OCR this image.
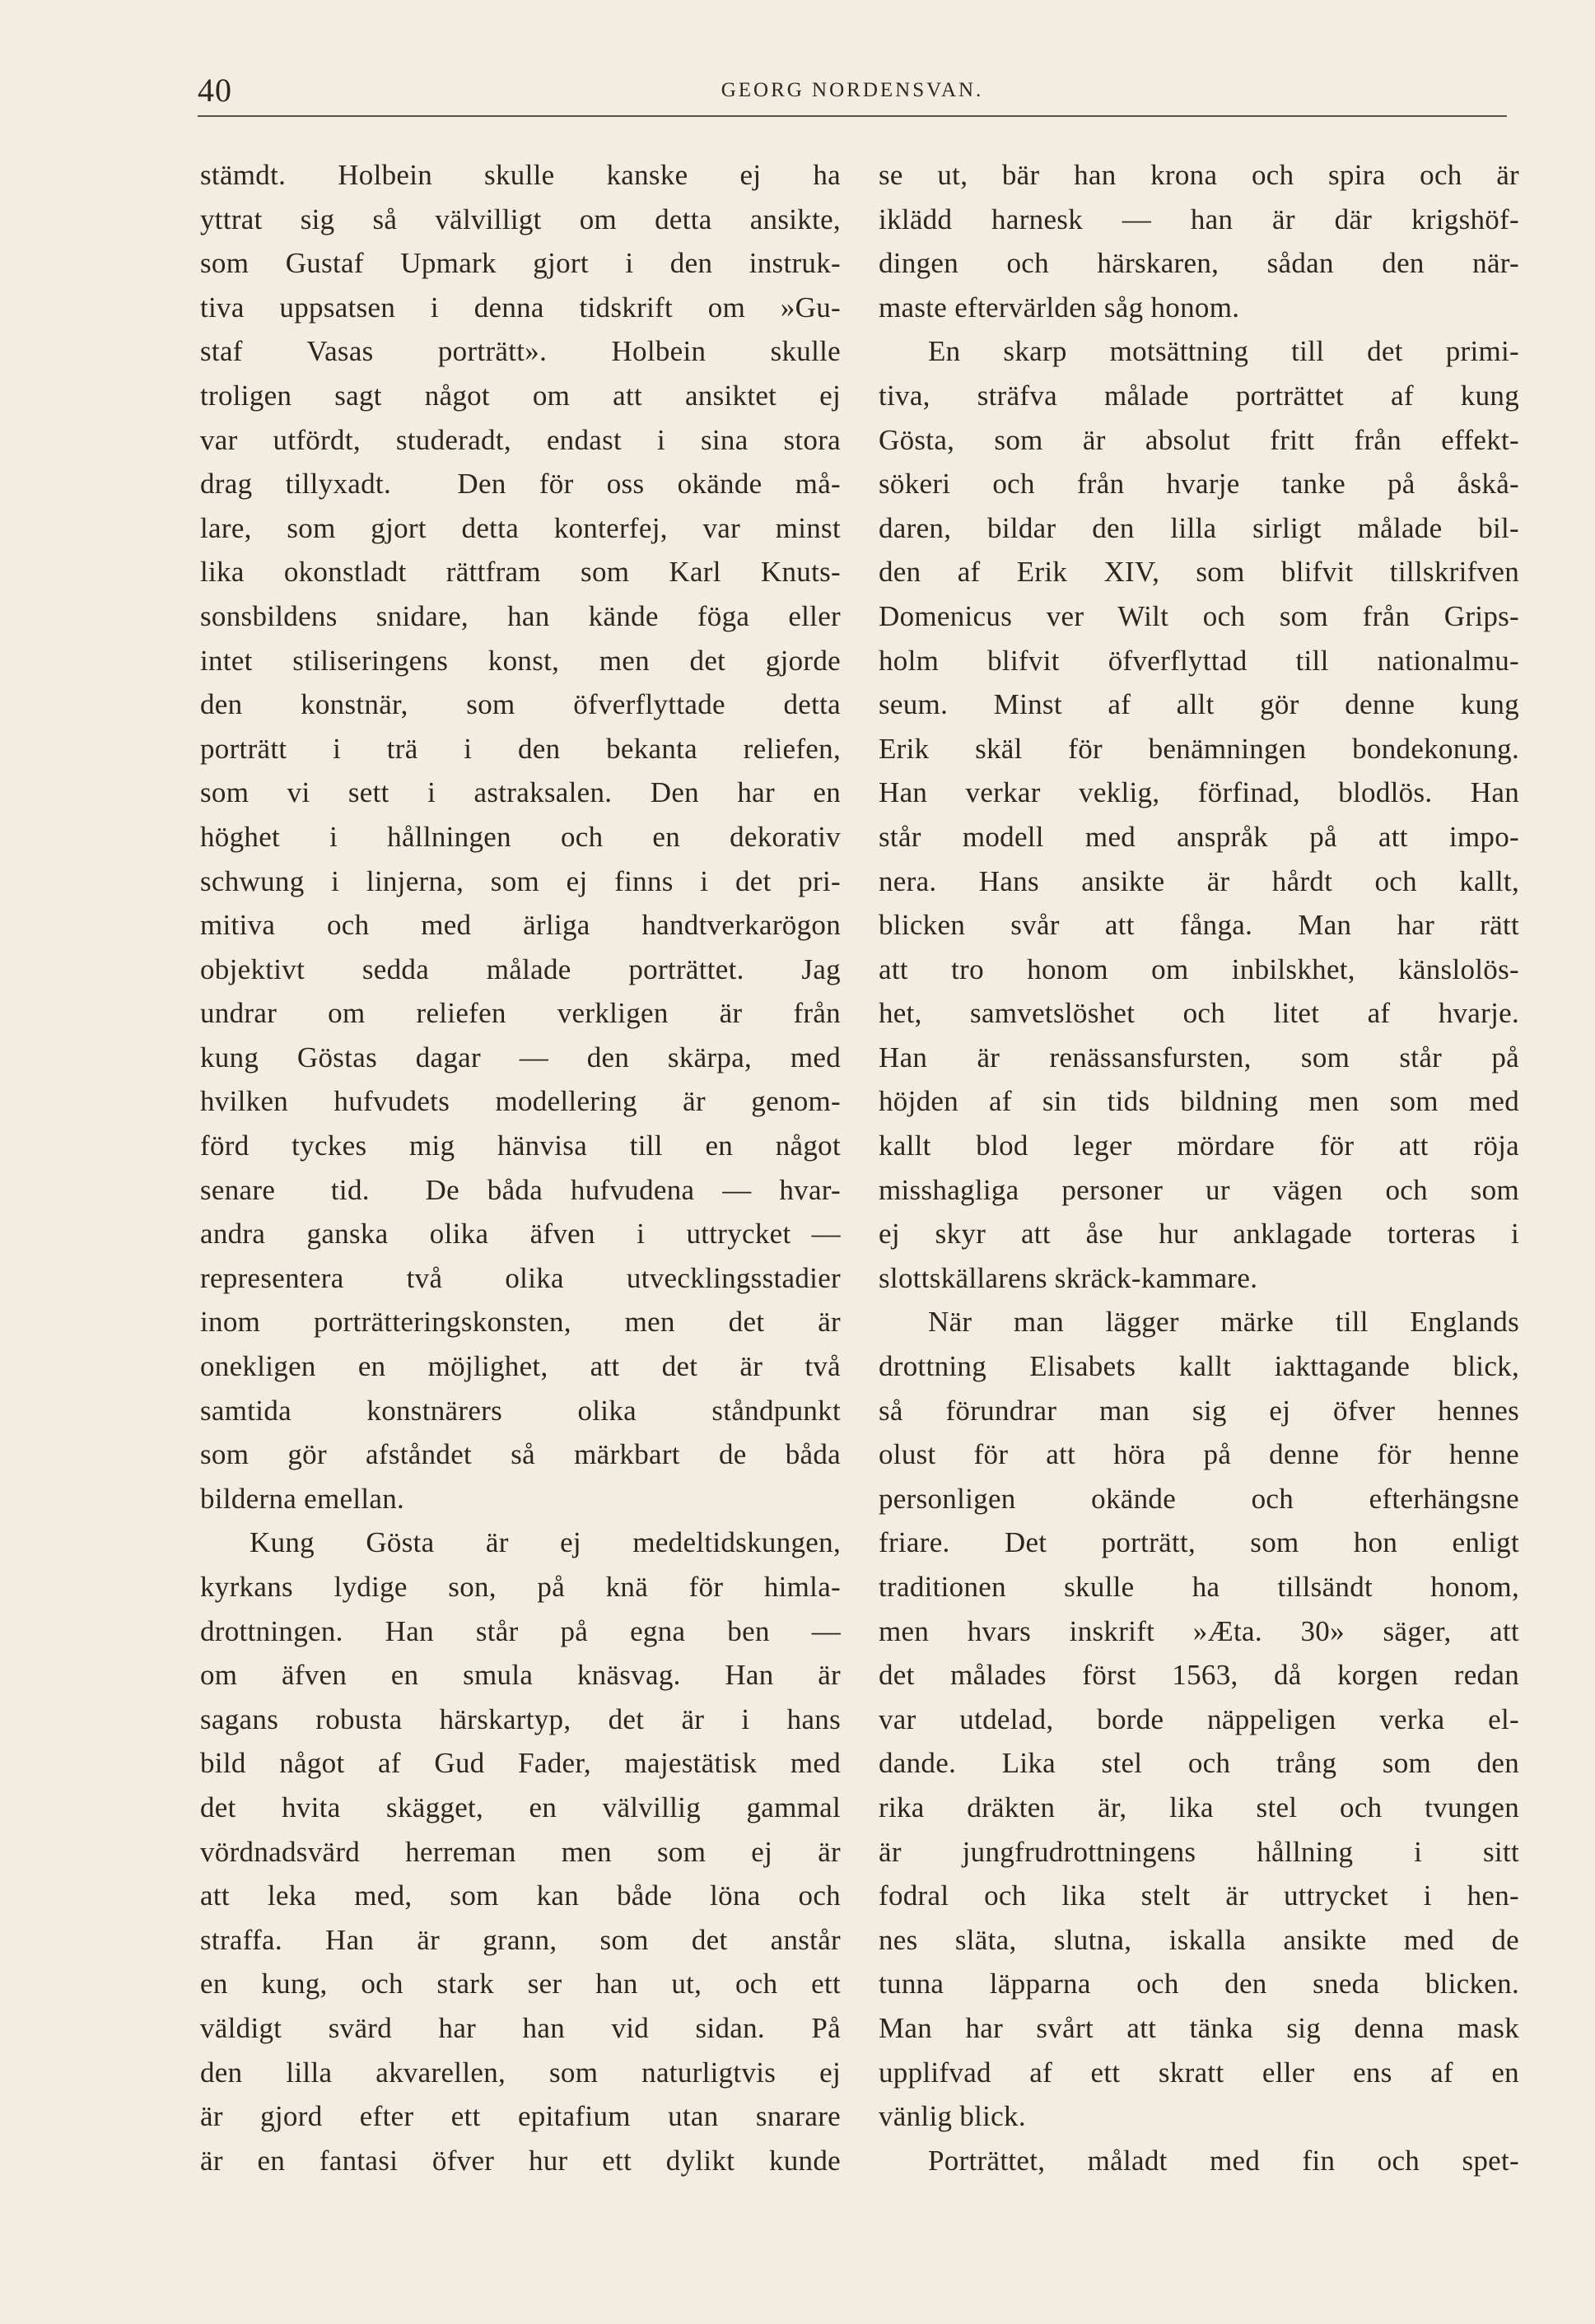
40	GEORG NORDENSVAN.
stämdt.  Holbein  skulle  kanske  ej  ha
yttrat sig så välvilligt om detta ansikte,
som Gustaf Upmark gjort i den instruk-
tiva uppsatsen i denna tidskrift om »Gu-
staf  Vasas  porträtt».  Holbein  skulle
troligen  sagt  något  om  att  ansiktet  ej
var utfördt, studeradt, endast i sina stora
drag tillyxadt.  Den för oss okände må-
lare, som gjort detta konterfej, var minst
lika okonstladt rättfram som Karl Knuts-
sonsbildens snidare, han kände föga eller
intet stiliseringens konst, men det gjorde
den  konstnär,  som  öfverflyttade  detta
porträtt  i  trä  i  den  bekanta  reliefen,
som  vi  sett  i  astraksalen.  Den  har  en
höghet  i  hållningen  och  en  dekorativ
schwung i linjerna, som ej finns i det pri-
mitiva  och  med  ärliga  handtverkarögon
objektivt  sedda  målade  porträttet.  Jag
undrar  om  reliefen  verkligen  är  från
kung Göstas dagar — den skärpa, med
hvilken hufvudets modellering är genom-
förd  tyckes  mig  hänvisa  till  en  något
senare  tid.  De båda hufvudena — hvar-
andra  ganska  olika  äfven  i  uttrycket —
representera  två  olika  utvecklingsstadier
inom  porträtteringskonsten,  men  det  är
onekligen  en  möjlighet,  att  det  är  två
samtida  konstnärers  olika  ståndpunkt
som  gör  afståndet  så  märkbart  de  båda
bilderna emellan.
Kung  Gösta  är  ej  medeltidskungen,
kyrkans  lydige  son,  på  knä  för  himla-
drottningen.  Han  står  på  egna  ben  —
om  äfven  en  smula  knäsvag.  Han  är
sagans  robusta  härskartyp,  det  är  i  hans
bild något af Gud Fader, majestätisk med
det  hvita  skägget,  en  välvillig  gammal
vördnadsvärd  herreman  men  som  ej  är
att  leka  med,  som  kan  både  löna  och
straffa.  Han  är  grann,  som  det  anstår
en  kung,  och  stark  ser  han  ut,  och  ett
väldigt  svärd  har  han  vid  sidan.  På
den  lilla  akvarellen,  som  naturligtvis  ej
är  gjord  efter  ett  epitafium  utan  snarare
är  en  fantasi  öfver  hur  ett  dylikt  kunde
se  ut,  bär  han  krona  och  spira  och  är
iklädd  harnesk  —  han  är  där  krigshöf-
dingen  och  härskaren,  sådan  den  när-
maste eftervärlden såg honom.
En  skarp  motsättning  till  det  primi-
tiva,  sträfva  målade  porträttet  af  kung
Gösta,  som  är  absolut  fritt  från  effekt-
sökeri  och  från  hvarje  tanke  på  åskå-
daren,  bildar  den  lilla  sirligt  målade  bil-
den  af  Erik  XIV,  som  blifvit  tillskrifven
Domenicus  ver  Wilt  och  som  från  Grips-
holm  blifvit  öfverflyttad  till  nationalmu-
seum.  Minst  af  allt  gör  denne  kung
Erik skäl för benämningen bondekonung.
Han  verkar  veklig,  förfinad,  blodlös.  Han
står  modell  med  anspråk  på  att  impo-
nera.  Hans  ansikte  är  hårdt  och  kallt,
blicken  svår  att  fånga.  Man  har  rätt
att  tro  honom  om  inbilskhet,  känslolös-
het,  samvetslöshet  och  litet  af  hvarje.
Han  är  renässansfursten,  som  står  på
höjden  af  sin  tids  bildning  men  som  med
kallt  blod  leger  mördare  för  att  röja
misshagliga  personer  ur  vägen  och  som
ej  skyr  att  åse  hur  anklagade  torteras  i
slottskällarens skräck-kammare.
När man lägger märke till Englands
drottning Elisabets kallt iakttagande blick,
så  förundrar  man  sig  ej  öfver  hennes
olust  för  att  höra  på  denne  för  henne
personligen  okände  och  efterhängsne
friare.  Det  porträtt,  som  hon  enligt
traditionen  skulle  ha  tillsändt  honom,
men  hvars  inskrift  »Æta.  30»  säger,  att
det  målades  först  1563,  då  korgen  redan
var  utdelad,  borde  näppeligen  verka  el-
dande.  Lika  stel  och  trång  som  den
rika  dräkten  är,  lika  stel  och  tvungen
är  jungfrudrottningens  hållning  i  sitt
fodral  och  lika  stelt  är  uttrycket  i  hen-
nes  släta,  slutna,  iskalla  ansikte  med  de
tunna  läpparna  och  den  sneda  blicken.
Man  har  svårt  att  tänka  sig  denna  mask
upplifvad  af  ett  skratt  eller  ens  af  en
vänlig blick.
Porträttet,  måladt  med  fin  och  spet-
